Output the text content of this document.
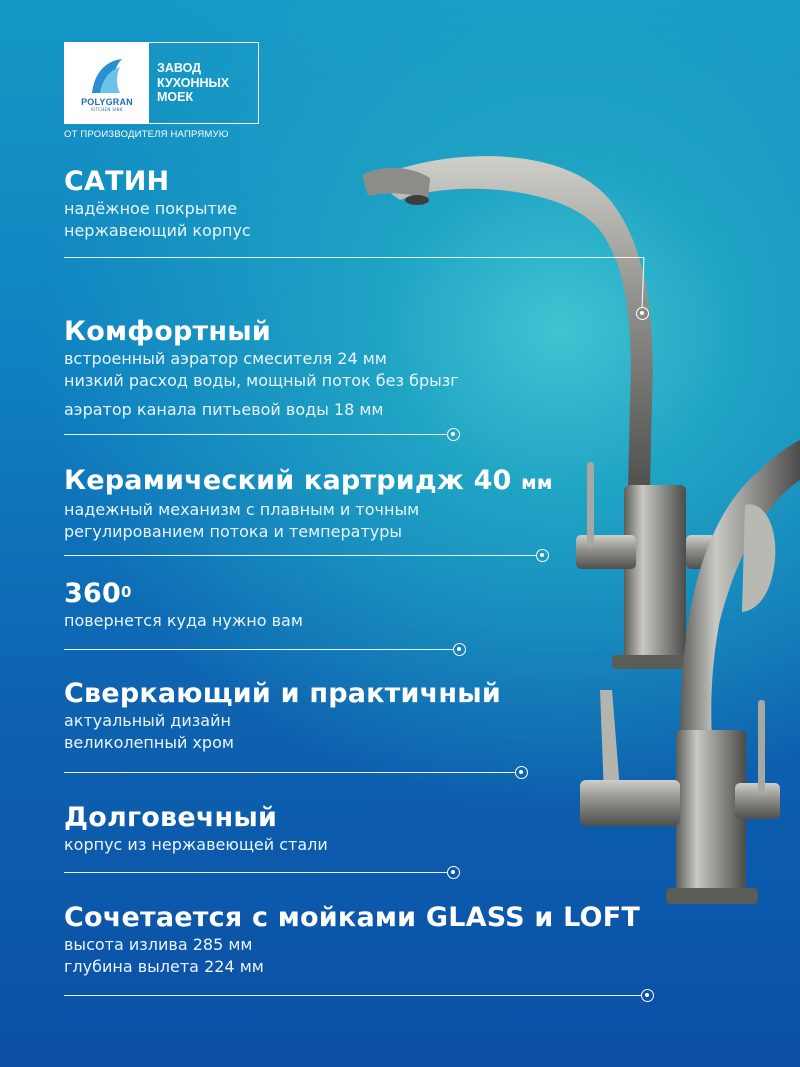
POLYGRAN
KITCHEN SINK
ЗАВОД
КУХОННЫХ
МОЕК
ОТ ПРОИЗВОДИТЕЛЯ НАПРЯМУЮ
САТИН

надёжное покрытие

нержавеющий корпус

Комфортный

встроенный аэратор смесителя 24 мм

низкий расход воды, мощный поток без брызг

аэратор канала питьевой воды 18 мм

Керамический картридж 40 мм

надежный механизм с плавным и точным

регулированием потока и температуры

$360^0$

повернется куда нужно вам

Сверкающий и практичный

актуальный дизайн

великолепный хром

Долговечный

корпус из нержавеющей стали

Сочетается с мойками GLASS и LOFT

высота излива 285 мм

глубина вылета 224 мм
